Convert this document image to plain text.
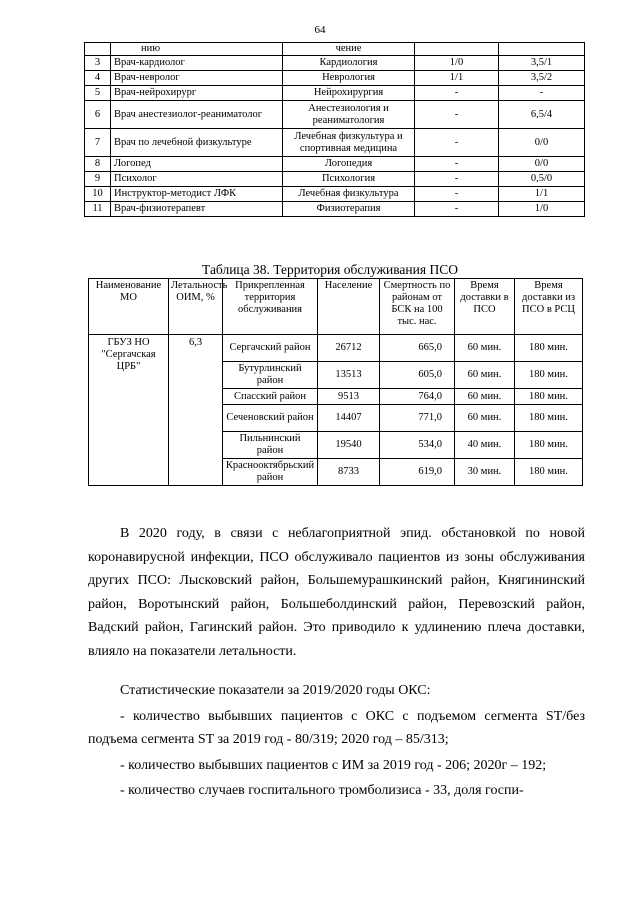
64
	нию	чение		
3	Врач-кардиолог	Кардиология	1/0	3,5/1
4	Врач-невролог	Неврология	1/1	3,5/2
5	Врач-нейрохирург	Нейрохирургия	-	-
6	Врач анестезиолог-реаниматолог	Анестезиология и реаниматология	-	6,5/4
7	Врач по лечебной физкультуре	Лечебная физкультура и спортивная медицина	-	0/0
8	Логопед	Логопедия	-	0/0
9	Психолог	Психология	-	0,5/0
10	Инструктор-методист ЛФК	Лечебная физкультура	-	1/1
11	Врач-физиотерапевт	Физиотерапия	-	1/0
Таблица 38. Территория обслуживания ПСО
Наименование МО	Летальность ОИМ, %	Прикрепленная территория обслуживания	Население	Смертность по районам от БСК на 100 тыс. нас.	Время доставки в ПСО	Время доставки из ПСО в РСЦ
ГБУЗ НО "Сергачская ЦРБ"	6,3	Сергачский район	26712	665,0	60 мин.	180 мин.
		Бутурлинский район	13513	605,0	60 мин.	180 мин.
		Спасский район	9513	764,0	60 мин.	180 мин.
		Сеченовский район	14407	771,0	60 мин.	180 мин.
		Пильнинский район	19540	534,0	40 мин.	180 мин.
		Краснооктябрьский район	8733	619,0	30 мин.	180 мин.

В 2020 году, в связи с неблагоприятной эпид. обстановкой по новой коронавирусной инфекции, ПСО обслуживало пациентов из зоны обслуживания других ПСО: Лысковский район, Большемурашкинский район, Княгининский район, Воротынский район, Большеболдинский район, Перевозский район, Вадский район, Гагинский район. Это приводило к удлинению плеча доставки, влияло на показатели летальности.

Статистические показатели за 2019/2020 годы ОКС:

- количество выбывших пациентов с ОКС с подъемом сегмента ST/без подъема сегмента ST за 2019 год - 80/319; 2020 год – 85/313;

- количество выбывших пациентов с ИМ за 2019 год - 206; 2020г – 192;

- количество случаев госпитального тромболизиса - 33, доля госпи-
